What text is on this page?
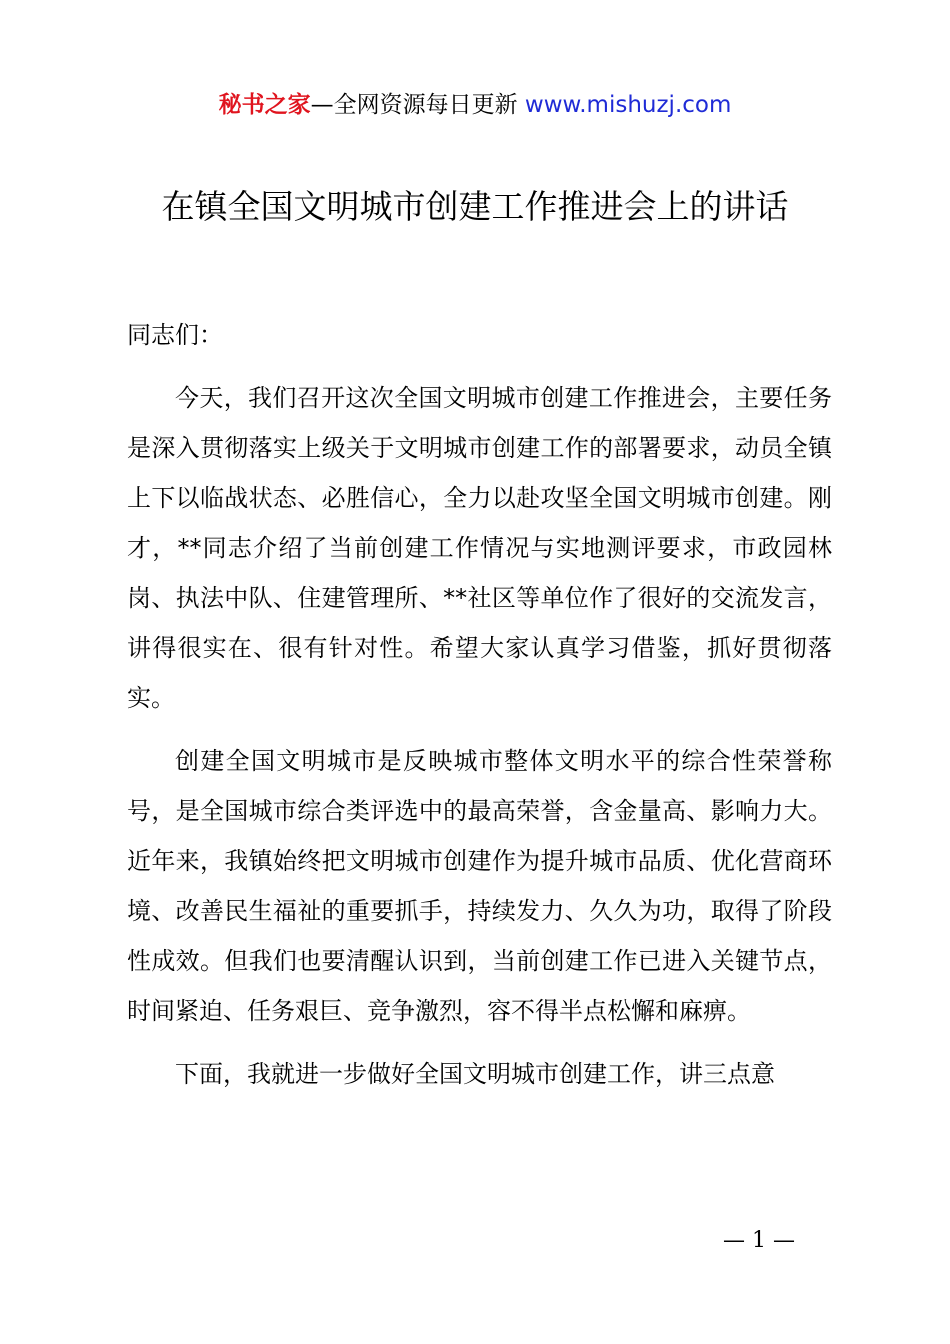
秘书之家—全网资源每日更新 www.mishuzj.com
在镇全国文明城市创建工作推进会上的讲话

同志们：

今天，我们召开这次全国文明城市创建工作推进会，主要任务是深入贯彻落实上级关于文明城市创建工作的部署要求，动员全镇上下以临战状态、必胜信心，全力以赴攻坚全国文明城市创建。刚才，**同志介绍了当前创建工作情况与实地测评要求，市政园林岗、执法中队、住建管理所、**社区等单位作了很好的交流发言，讲得很实在、很有针对性。希望大家认真学习借鉴，抓好贯彻落实。

创建全国文明城市是反映城市整体文明水平的综合性荣誉称号，是全国城市综合类评选中的最高荣誉，含金量高、影响力大。近年来，我镇始终把文明城市创建作为提升城市品质、优化营商环境、改善民生福祉的重要抓手，持续发力、久久为功，取得了阶段性成效。但我们也要清醒认识到，当前创建工作已进入关键节点，时间紧迫、任务艰巨、竞争激烈，容不得半点松懈和麻痹。

下面，我就进一步做好全国文明城市创建工作，讲三点意

— 1 —
